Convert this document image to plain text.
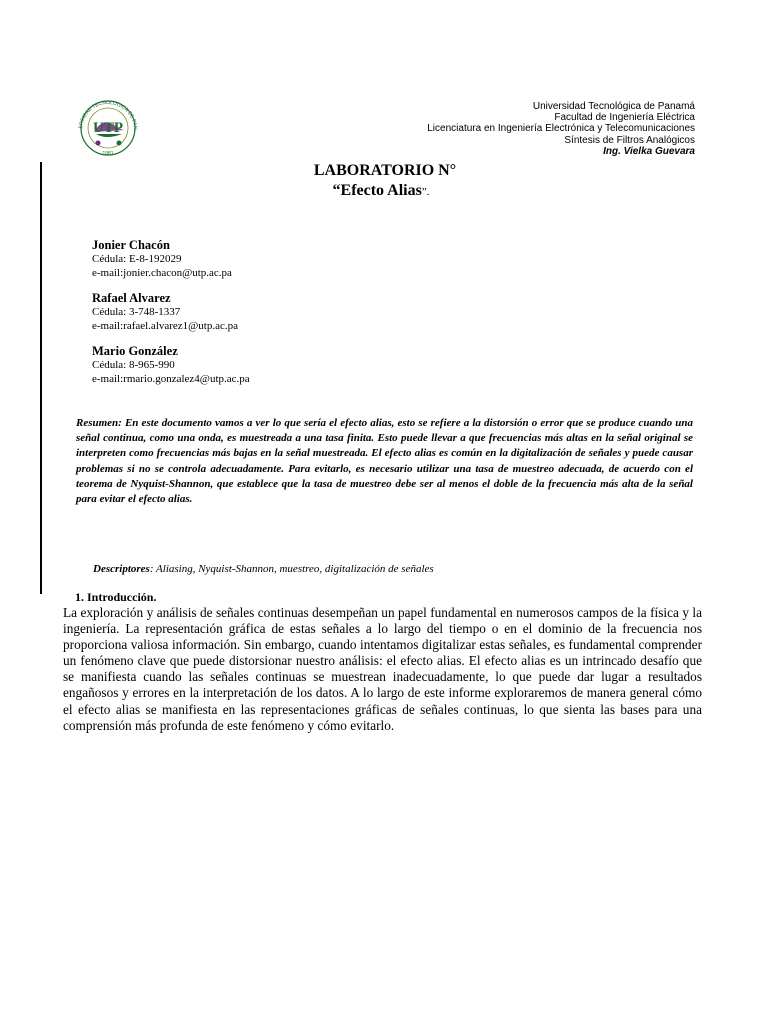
ERSIDAD TECNOLÓGICA DE PAN
UTP
1981
Universidad Tecnológica de Panamá
Facultad de Ingeniería Eléctrica
Licenciatura en Ingeniería Electrónica y Telecomunicaciones
Síntesis de Filtros Analógicos
Ing. Vielka Guevara
LABORATORIO N°
“Efecto Alias”.
Jonier Chacón
Cédula: E-8-192029
e-mail:jonier.chacon@utp.ac.pa
Rafael Alvarez
Cédula: 3-748-1337
e-mail:rafael.alvarez1@utp.ac.pa
Mario González
Cédula: 8-965-990
e-mail:rmario.gonzalez4@utp.ac.pa
Resumen: En este documento vamos a ver lo que sería el efecto alias, esto se refiere a la distorsión o error que se produce cuando una señal continua, como una onda, es muestreada a una tasa finita. Esto puede llevar a que frecuencias más altas en la señal original se interpreten como frecuencias más bajas en la señal muestreada. El efecto alias es común en la digitalización de señales y puede causar problemas si no se controla adecuadamente. Para evitarlo, es necesario utilizar una tasa de muestreo adecuada, de acuerdo con el teorema de Nyquist-Shannon, que establece que la tasa de muestreo debe ser al menos el doble de la frecuencia más alta de la señal para evitar el efecto alias.
Descriptores: Aliasing, Nyquist-Shannon, muestreo, digitalización de señales
1. Introducción.
La exploración y análisis de señales continuas desempeñan un papel fundamental en numerosos campos de la física y la ingeniería. La representación gráfica de estas señales a lo largo del tiempo o en el dominio de la frecuencia nos proporciona valiosa información. Sin embargo, cuando intentamos digitalizar estas señales, es fundamental comprender un fenómeno clave que puede distorsionar nuestro análisis: el efecto alias. El efecto alias es un intrincado desafío que se manifiesta cuando las señales continuas se muestrean inadecuadamente, lo que puede dar lugar a resultados engañosos y errores en la interpretación de los datos. A lo largo de este informe exploraremos de manera general cómo el efecto alias se manifiesta en las representaciones gráficas de señales continuas, lo que sienta las bases para una comprensión más profunda de este fenómeno y cómo evitarlo.
